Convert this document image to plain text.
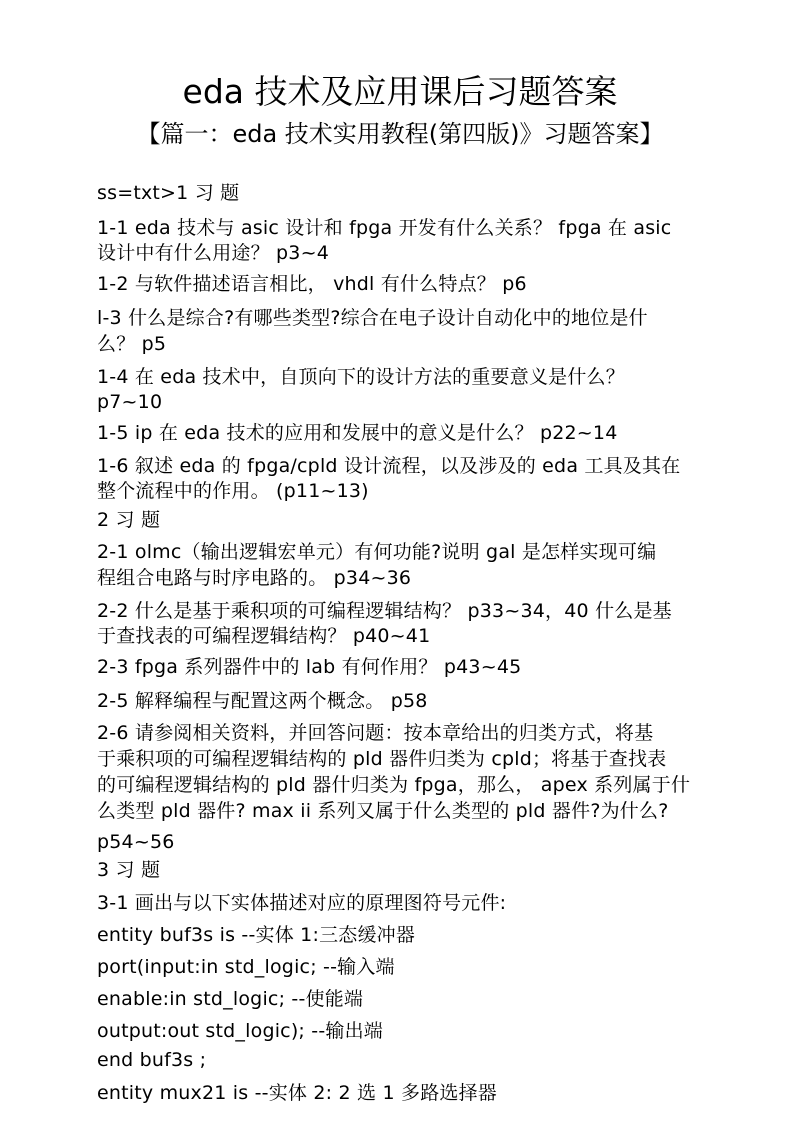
eda 技术及应用课后习题答案
【篇一：eda 技术实用教程(第四版)》习题答案】
ss=txt>1 习 题
1-1 eda 技术与 asic 设计和 fpga 开发有什么关系？ fpga 在 asic
设计中有什么用途？ p3~4
1-2 与软件描述语言相比， vhdl 有什么特点？ p6
l-3 什么是综合?有哪些类型?综合在电子设计自动化中的地位是什
么？ p5
1-4 在 eda 技术中，自顶向下的设计方法的重要意义是什么？
p7~10
1-5 ip 在 eda 技术的应用和发展中的意义是什么？ p22~14
1-6 叙述 eda 的 fpga/cpld 设计流程，以及涉及的 eda 工具及其在
整个流程中的作用。 (p11~13)
2 习 题
2-1 olmc（输出逻辑宏单元）有何功能?说明 gal 是怎样实现可编
程组合电路与时序电路的。 p34~36
2-2 什么是基于乘积项的可编程逻辑结构？ p33~34，40 什么是基
于查找表的可编程逻辑结构？ p40~41
2-3 fpga 系列器件中的 lab 有何作用？ p43~45
2-5 解释编程与配置这两个概念。 p58
2-6 请参阅相关资料，并回答问题：按本章给出的归类方式，将基
于乘积项的可编程逻辑结构的 pld 器件归类为 cpld；将基于查找表
的可编程逻辑结构的 pld 器什归类为 fpga，那么， apex 系列属于什
么类型 pld 器件? max ii 系列又属于什么类型的 pld 器件?为什么?
p54~56
3 习 题
3-1 画出与以下实体描述对应的原理图符号元件:
entity buf3s is --实体 1:三态缓冲器
port(input:in std_logic; --输入端
enable:in std_logic; --使能端
output:out std_logic); --输出端
end buf3s ;
entity mux21 is --实体 2: 2 选 1 多路选择器
